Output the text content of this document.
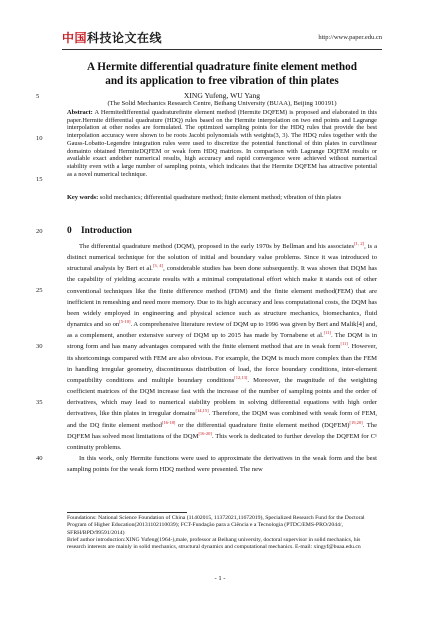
中国科技论文在线	http://www.paper.edu.cn
5
10
15
20
25
30
35
40
A Hermite differential quadrature finite element method
and its application to free vibration of thin plates
XING Yufeng, WU Yang
(The Solid Mechanics Research Centre, Beihang University (BUAA), Beijing 100191)
Abstract: A Hermitedifferential quadraturefinite element method (Hermite DQFEM) is proposed and elaborated in this paper.Hermite differential quadrature (HDQ) rules based on the Hermite interpolation on two end points and Lagrange interpolation at other nodes are formulated. The optimized sampling points for the HDQ rules that provide the best interpolation accuracy were shown to be roots Jacobi polynomials with weights(3, 3). The HDQ rules together with the Gauss-Lobatto-Legendre integration rules were used to discretize the potential functional of thin plates in curvilinear domainto obtained HermiteDQFEM or weak form HDQ matrices. In comparison with Lagrange DQFEM results or available exact andother numerical results, high accuracy and rapid convergence were achieved without numerical stability even with a large number of sampling points, which indicates that the Hermite DQFEM has attractive potential as a novel numerical technique.
Key words: solid mechanics; differential quadrature method; finite element method; vibration of thin plates
0 Introduction

The differential quadrature method (DQM), proposed in the early 1970s by Bellman and his associates[1, 2], is a distinct numerical technique for the solution of initial and boundary value problems. Since it was introduced to structural analysis by Bert et al.[3, 4], considerable studies has been done subsequently. It was shown that DQM has the capability of yielding accurate results with a minimal computational effort which make it stands out of other conventional techniques like the finite difference method (FDM) and the finite element method(FEM) that are inefficient in remeshing and need more memory. Due to its high accuracy and less computational costs, the DQM has been widely employed in engineering and physical science such as structure mechanics, biomechanics, fluid dynamics and so on[5-10]. A comprehensive literature review of DQM up to 1996 was given by Bert and Malik[4] and, as a complement, another extensive survey of DQM up to 2015 has made by Tornabene et al.[11]. The DQM is in strong form and has many advantages compared with the finite element method that are in weak form[11]. However, its shortcomings compared with FEM are also obvious. For example, the DQM is much more complex than the FEM in handling irregular geometry, discontinuous distribution of load, the force boundary conditions, inter-element compatibility conditions and multiple boundary conditions[12,13]. Moreover, the magnitude of the weighting coefficient matrices of the DQM increase fast with the increase of the number of sampling points and the order of derivatives, which may lead to numerical stability problem in solving differential equations with high order derivatives, like thin plates in irregular domains[14,15]. Therefore, the DQM was combined with weak form of FEM, and the DQ finite element method[16-18] or the differential quadrature finite element method (DQFEM)[19,20]. The DQFEM has solved most limitations of the DQM[16-20]. This work is dedicated to further develop the DQFEM for C¹ continuity problems.

In this work, only Hermite functions were used to approximate the derivatives in the weak form and the best sampling points for the weak form HDQ method were presented. The new

Foundations: National Science Foundation of China (11402015, 11372021,11672019), Specialized Research Fund for the Doctoral Program of Higher Education(20131102110039); FCT-Fundação para a Ciência e a Tecnologia (PTDC/EMS-PRO/2044/, SFRH/BPD/99591/2014)

Brief author introduction:XING Yufeng(1964-),male, professor at Beihang university, doctoral supervisor in solid mechanics, his research interests are mainly in solid mechanics, structural dynamics and computational mechanics. E-mail: xingyf@buaa.edu.cn

- 1 -
